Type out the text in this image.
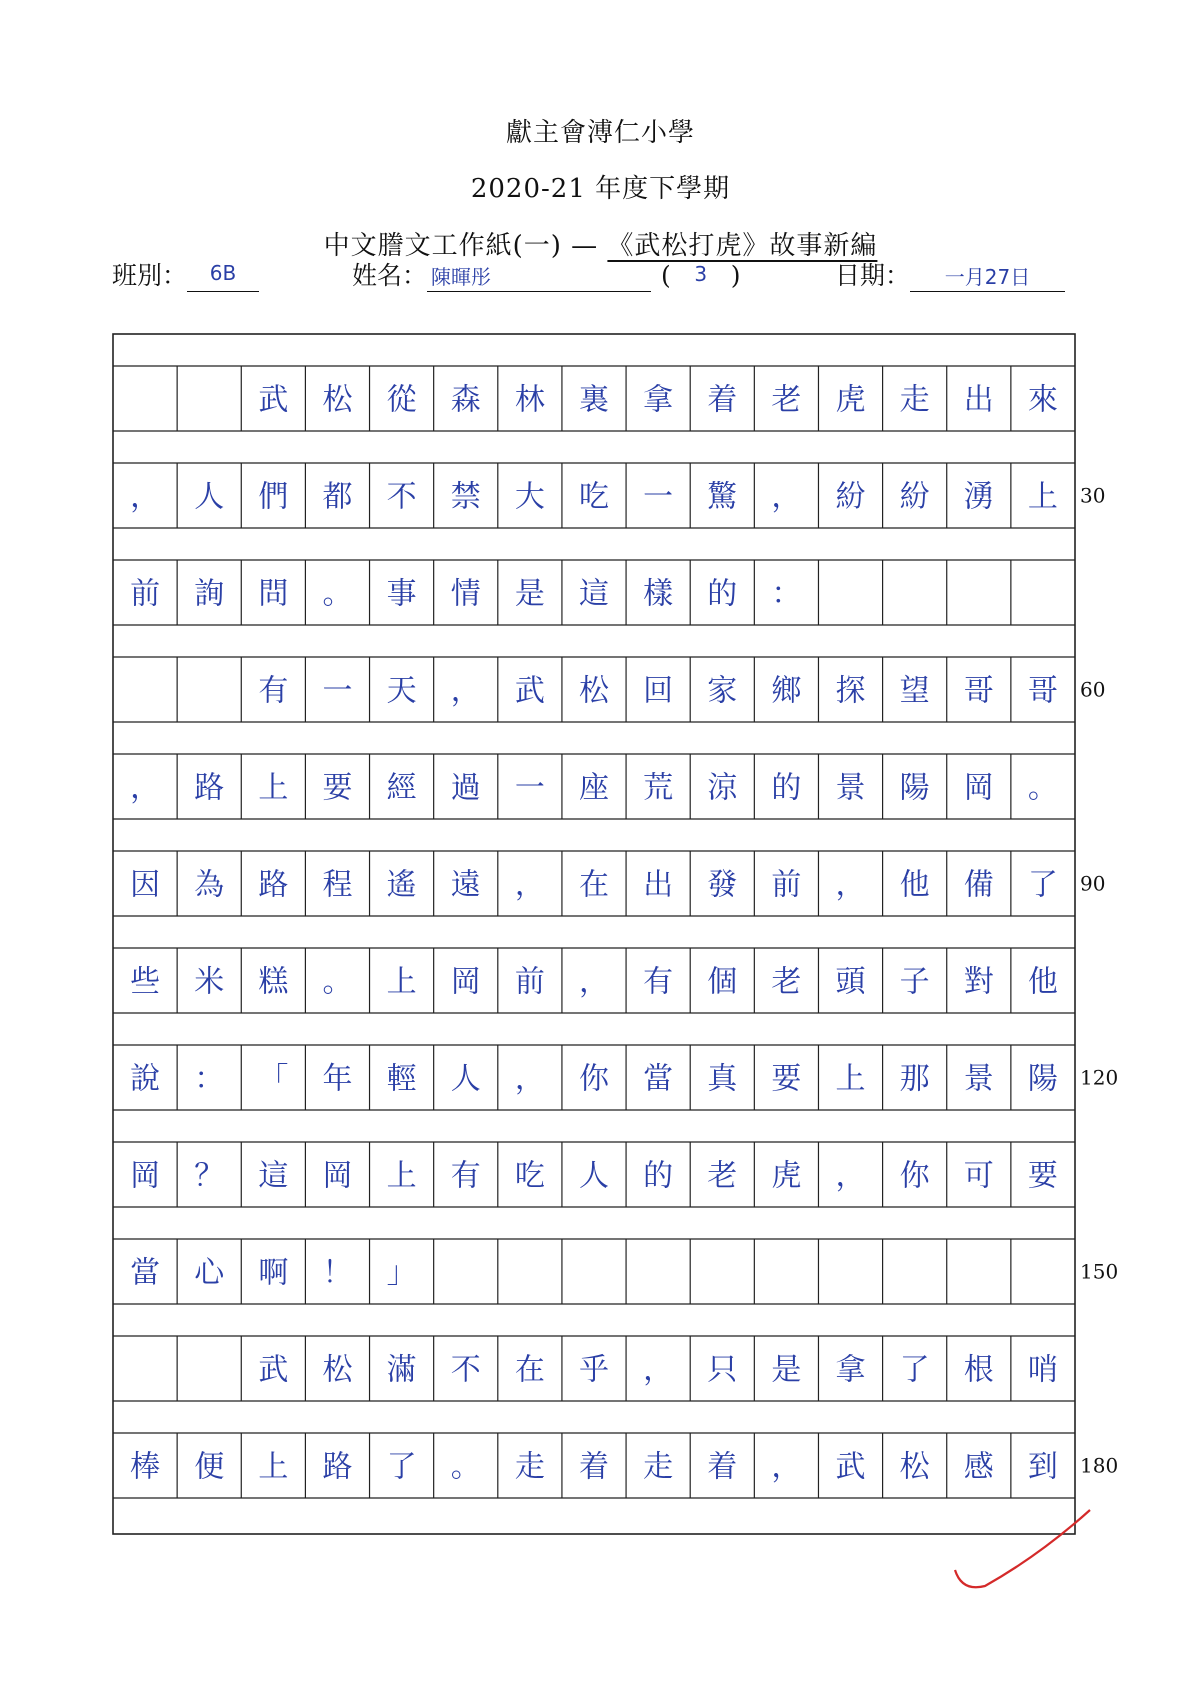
獻主會溥仁小學
2020-21 年度下學期
中文謄文工作紙(一) — 《武松打虎》故事新編
班別： 6B	姓名： 陳暉彤	( 3 )	日期： 一月27日
武 松 從 森 林 裏 拿 着 老 虎 走 出 來
， 人 們 都 不 禁 大 吃 一 驚 ， 紛 紛 湧 上 30
前 詢 問 。 事 情 是 這 樣 的 ：
有 一 天 ， 武 松 回 家 鄉 探 望 哥 哥 60
， 路 上 要 經 過 一 座 荒 涼 的 景 陽 岡 。
因 為 路 程 遙 遠 ， 在 出 發 前 ， 他 備 了 90
些 米 糕 。 上 岡 前 ， 有 個 老 頭 子 對 他
說 ： 「 年 輕 人 ， 你 當 真 要 上 那 景 陽 120
岡 ？ 這 岡 上 有 吃 人 的 老 虎 ， 你 可 要
當 心 啊 ！ 」	150
武 松 滿 不 在 乎 ， 只 是 拿 了 根 哨
棒 便 上 路 了 。 走 着 走 着 ， 武 松 感 到 180
